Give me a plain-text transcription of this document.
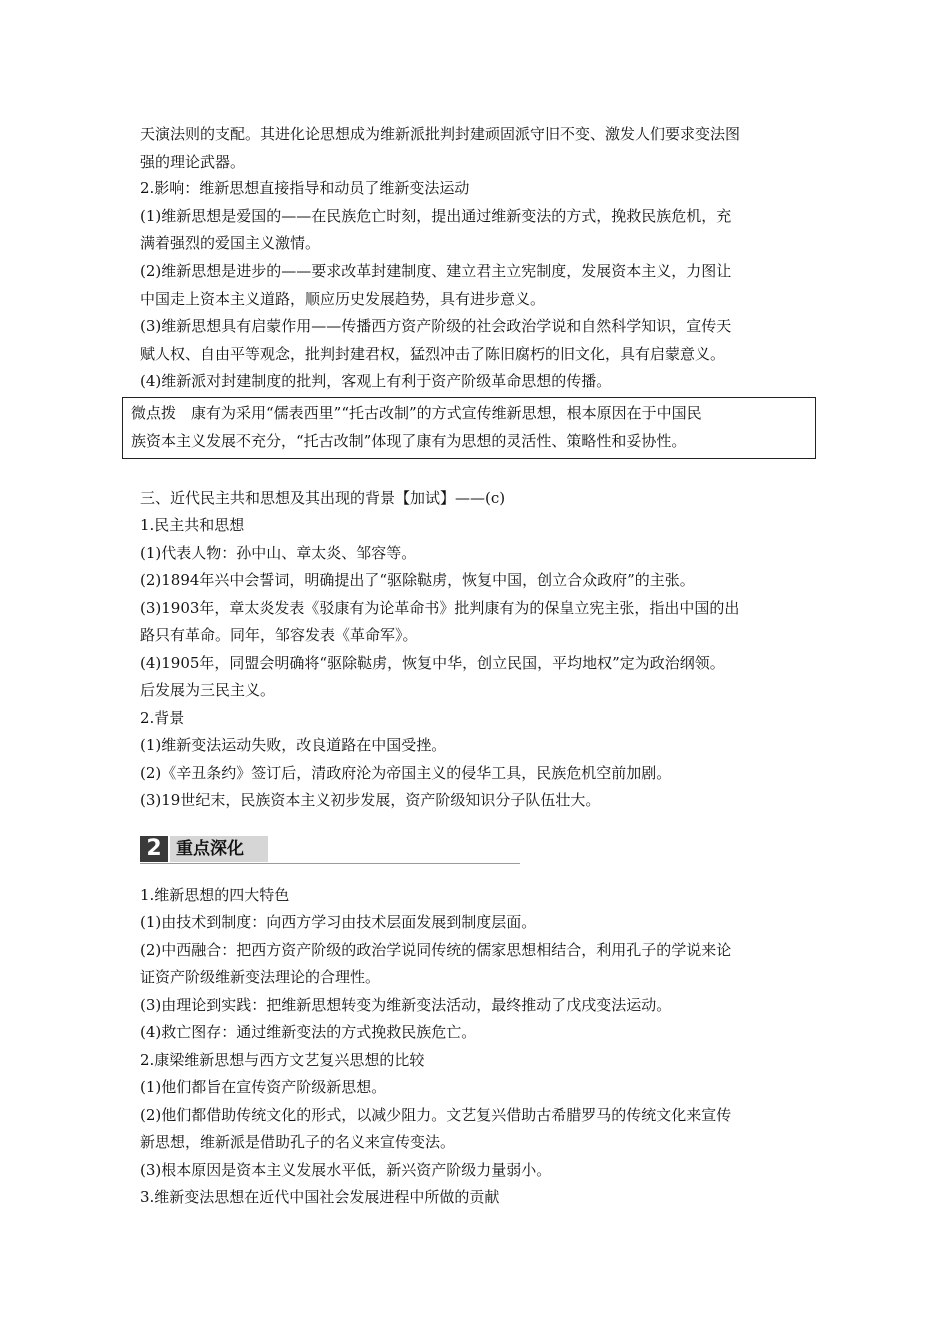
天演法则的支配。其进化论思想成为维新派批判封建顽固派守旧不变、激发人们要求变法图
强的理论武器。
2.影响：维新思想直接指导和动员了维新变法运动
(1)维新思想是爱国的——在民族危亡时刻，提出通过维新变法的方式，挽救民族危机，充
满着强烈的爱国主义激情。
(2)维新思想是进步的——要求改革封建制度、建立君主立宪制度，发展资本主义，力图让
中国走上资本主义道路，顺应历史发展趋势，具有进步意义。
(3)维新思想具有启蒙作用——传播西方资产阶级的社会政治学说和自然科学知识，宣传天
赋人权、自由平等观念，批判封建君权，猛烈冲击了陈旧腐朽的旧文化，具有启蒙意义。
(4)维新派对封建制度的批判，客观上有利于资产阶级革命思想的传播。
微点拨　康有为采用“儒表西里”“托古改制”的方式宣传维新思想，根本原因在于中国民
族资本主义发展不充分，“托古改制”体现了康有为思想的灵活性、策略性和妥协性。
三、近代民主共和思想及其出现的背景【加试】——(c)
1.民主共和思想
(1)代表人物：孙中山、章太炎、邹容等。
(2)1894年兴中会誓词，明确提出了“驱除鞑虏，恢复中国，创立合众政府”的主张。
(3)1903年，章太炎发表《驳康有为论革命书》批判康有为的保皇立宪主张，指出中国的出
路只有革命。同年，邹容发表《革命军》。
(4)1905年，同盟会明确将“驱除鞑虏，恢复中华，创立民国，平均地权”定为政治纲领。
后发展为三民主义。
2.背景
(1)维新变法运动失败，改良道路在中国受挫。
(2)《辛丑条约》签订后，清政府沦为帝国主义的侵华工具，民族危机空前加剧。
(3)19世纪末，民族资本主义初步发展，资产阶级知识分子队伍壮大。
2 重点深化
1.维新思想的四大特色
(1)由技术到制度：向西方学习由技术层面发展到制度层面。
(2)中西融合：把西方资产阶级的政治学说同传统的儒家思想相结合，利用孔子的学说来论
证资产阶级维新变法理论的合理性。
(3)由理论到实践：把维新思想转变为维新变法活动，最终推动了戊戌变法运动。
(4)救亡图存：通过维新变法的方式挽救民族危亡。
2.康梁维新思想与西方文艺复兴思想的比较
(1)他们都旨在宣传资产阶级新思想。
(2)他们都借助传统文化的形式，以减少阻力。文艺复兴借助古希腊罗马的传统文化来宣传
新思想，维新派是借助孔子的名义来宣传变法。
(3)根本原因是资本主义发展水平低，新兴资产阶级力量弱小。
3.维新变法思想在近代中国社会发展进程中所做的贡献
